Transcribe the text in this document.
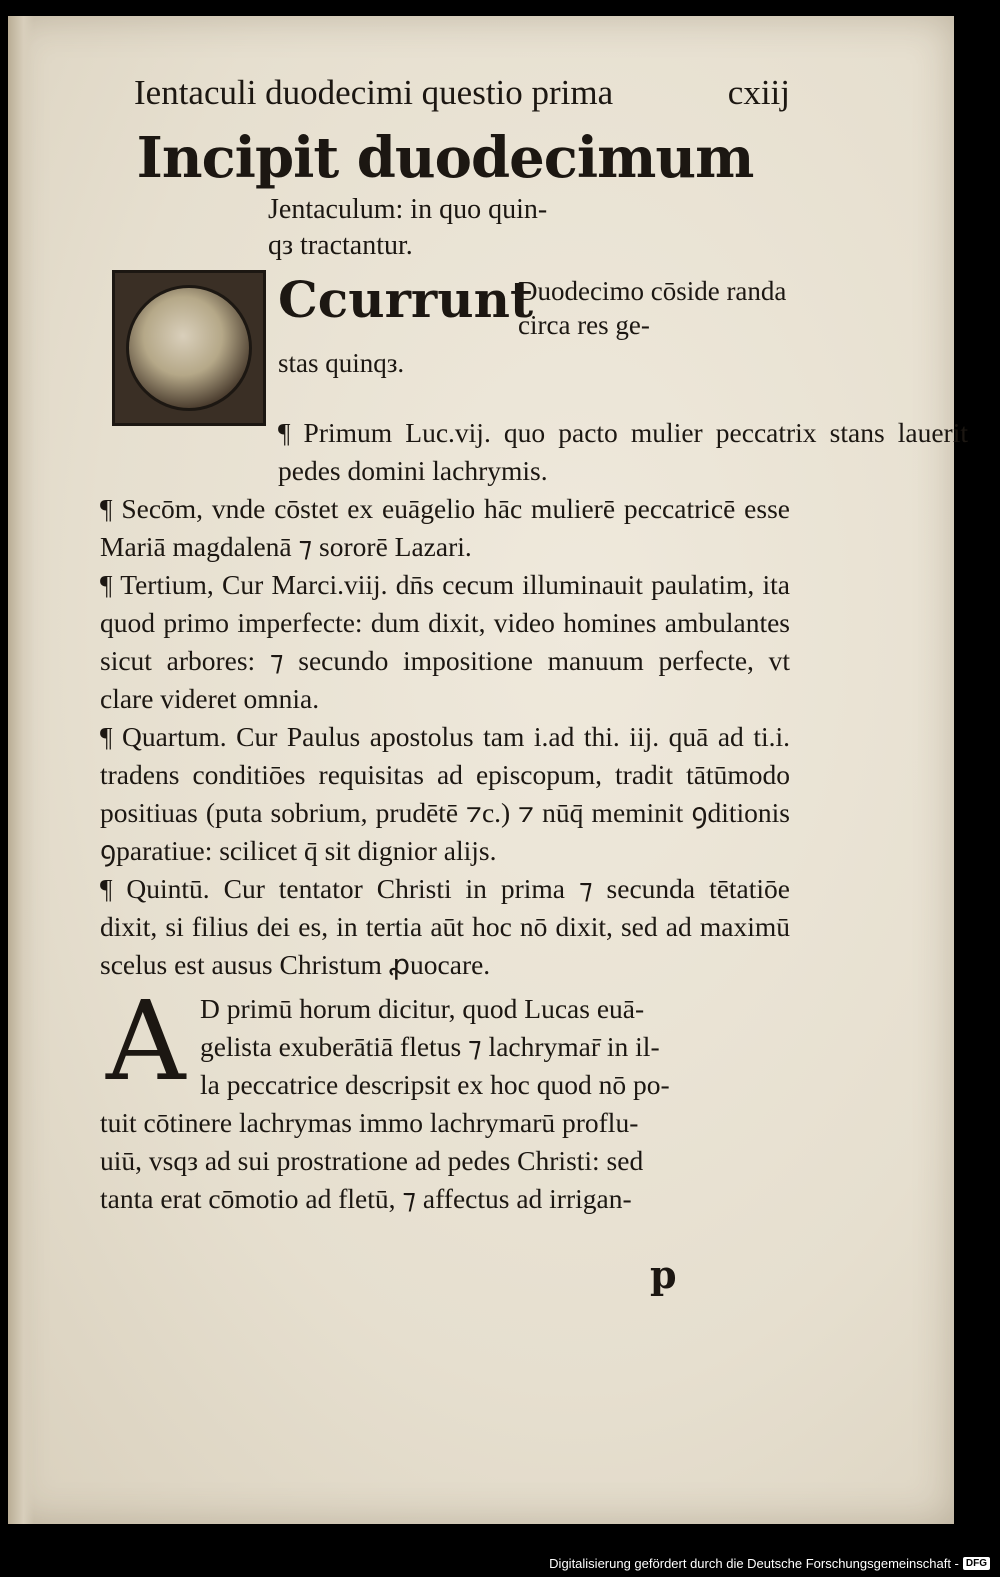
Ientaculi duodecimi questio prima	cxiij
Incipit duodecimum
Jentaculum: in quo quin-
qз tractantur.
Ccurrunt
Duodecimo cōside randa circa res ge-
stas quinqз.
¶ Primum Luc.vij. quo pacto mulier peccatrix stans lauerit pedes domini lachrymis.
¶ Secōm, vnde cōstet ex euāgelio hāc mulierē peccatricē esse Mariā magdalenā ⁊ sororē Lazari.
¶ Tertium, Cur Marci.viij. dn̄s cecum illuminauit paulatim, ita quod primo imperfecte: dum dixit, video homines ambulantes sicut arbores: ⁊ secundo impositione manuum perfecte, vt clare videret omnia.
¶ Quartum. Cur Paulus apostolus tam i.ad thi. iij. quā ad ti.i. tradens conditiōes requisitas ad episcopum, tradit tātūmodo positiuas (puta sobrium, prudētē ⁊c.) ⁊ nūq̄ meminit ꝯditionis ꝯparatiue: scilicet q̄ sit dignior alijs.
¶ Quintū. Cur tentator Christi in prima ⁊ secunda tētatiōe dixit, si filius dei es, in tertia aūt hoc nō dixit, sed ad maximū scelus est ausus Christum ꝓuocare.
A D primū horum dicitur, quod Lucas euā-
gelista exuberātiā fletus ⁊ lachrymar̄ in il-
la peccatrice descripsit ex hoc quod nō po-
tuit cōtinere lachrymas immo lachrymarū proflu-
uiū, vsqз ad sui prostratione ad pedes Christi: sed
tanta erat cōmotio ad fletū, ⁊ affectus ad irrigan-
p
Digitalisierung gefördert durch die Deutsche Forschungsgemeinschaft - DFG
